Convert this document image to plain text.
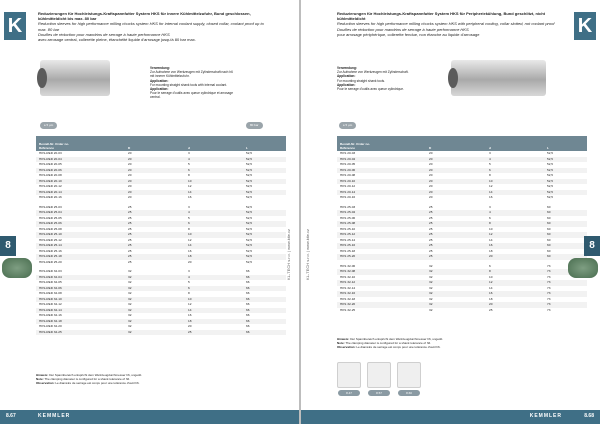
K
Reduzierungen für Hochleistungs-Kraftspannfutter System HKS für innere Kühlmittelzufuhr, Bund geschlossen, kühlmitteldicht bis max. 80 bar
Reduction sleeves for high performance milling chucks system HKS for internal coolant supply, closed collar, coolant proof up to max. 80 bar
Douilles de réduction pour mandrins de serrage à haute performance HKS
avec arrosage central, collerette pleine, étanchéité liquide d'arrosage jusqu'à 80 bar max.
Verwendung:
Zur Aufnahme von Werkzeugen mit Zylinderschaft nach h6 mit innerer Kühlmittelzufuhr.
Application:
For mounting straight shank tools with internal coolant.
Application:
Pour le serrage d'outils avec queue cylindrique et arrosage central.
≤ 5 µm	80 bar
Bestell-Nr. Order no. Référence	D	d	L
HKS-RED 20-03	20	3	52,5
HKS-RED 20-04	20	4	52,5
HKS-RED 20-05	20	5	52,5
HKS-RED 20-06	20	6	52,5
HKS-RED 20-08	20	8	52,5
HKS-RED 20-10	20	10	52,5
HKS-RED 20-12	20	12	52,5
HKS-RED 20-14	20	14	52,5
HKS-RED 20-16	20	16	52,5
HKS-RED 25-03	25	3	52,5
HKS-RED 25-04	25	4	52,5
HKS-RED 25-05	25	5	52,5
HKS-RED 25-06	25	6	52,5
HKS-RED 25-08	25	8	52,5
HKS-RED 25-10	25	10	52,5
HKS-RED 25-12	25	12	52,5
HKS-RED 25-14	25	14	52,5
HKS-RED 25-16	25	16	52,5
HKS-RED 25-18	25	18	52,5
HKS-RED 25-20	25	20	52,5
HKS-RED 32-03	32	3	66
HKS-RED 32-04	32	4	66
HKS-RED 32-05	32	5	66
HKS-RED 32-06	32	6	66
HKS-RED 32-08	32	8	66
HKS-RED 32-10	32	10	66
HKS-RED 32-12	32	12	66
HKS-RED 32-14	32	14	66
HKS-RED 32-16	32	16	66
HKS-RED 32-18	32	18	66
HKS-RED 32-20	32	20	66
HKS-RED 32-25	32	25	66
Hinweis: Der Spannbereich entspricht dem Werkzeugdurchmesser h6, ungeölt.
Note: The clamping diameter is configured for a shank tolerance of h6.
Observation: Le diamètre de serrage est conçu pour une tolérance d'outil h6.
8	KL-TECH s.r.o. | www.klte.cz
8.67	KEMMLER
K
Reduzierungen für Hochleistungs-Kraftspannfutter System HKS für Peripheriekühlung, Bund geschlitzt, nicht kühlmitteldicht
Reduction sleeves for high performance milling chucks system HKS with peripheral cooling, collar slotted, not coolant proof
Douilles de réduction pour mandrins de serrage à haute performance HKS
pour arrosage périphérique, collerette fendue, non étanche au liquide d'arrosage
Verwendung:
Zur Aufnahme von Werkzeugen mit Zylinderschaft.
Application:
For mounting straight shank tools.
Application:
Pour le serrage d'outils avec queue cylindrique.
≤ 5 µm
Bestell-Nr. Order no. Référence	D	d	L
HKS 20-03	20	3	52,5
HKS 20-04	20	4	52,5
HKS 20-05	20	5	52,5
HKS 20-06	20	6	52,5
HKS 20-08	20	8	52,5
HKS 20-10	20	10	52,5
HKS 20-12	20	12	52,5
HKS 20-14	20	14	52,5
HKS 20-16	20	16	52,5
HKS 25-03	25	3	60
HKS 25-04	25	4	60
HKS 25-06	25	6	60
HKS 25-08	25	8	60
HKS 25-10	25	10	60
HKS 25-12	25	12	60
HKS 25-14	25	14	60
HKS 25-16	25	16	60
HKS 25-18	25	18	60
HKS 25-20	25	20	60
HKS 32-06	32	6	73
HKS 32-08	32	8	73
HKS 32-10	32	10	73
HKS 32-12	32	12	73
HKS 32-14	32	14	73
HKS 32-16	32	16	73
HKS 32-18	32	18	73
HKS 32-20	32	20	73
HKS 32-25	32	25	73
Hinweis: Der Spannbereich entspricht dem Werkzeugdurchmesser h6, ungeölt.
Note: The clamping diameter is configured for a shank tolerance of h6.
Observation: Le diamètre de serrage est conçu pour une tolérance d'outil h6.
8.47	8.57	8.60
8
KL-TECH s.r.o. | www.klte.cz
8.68
KEMMLER
